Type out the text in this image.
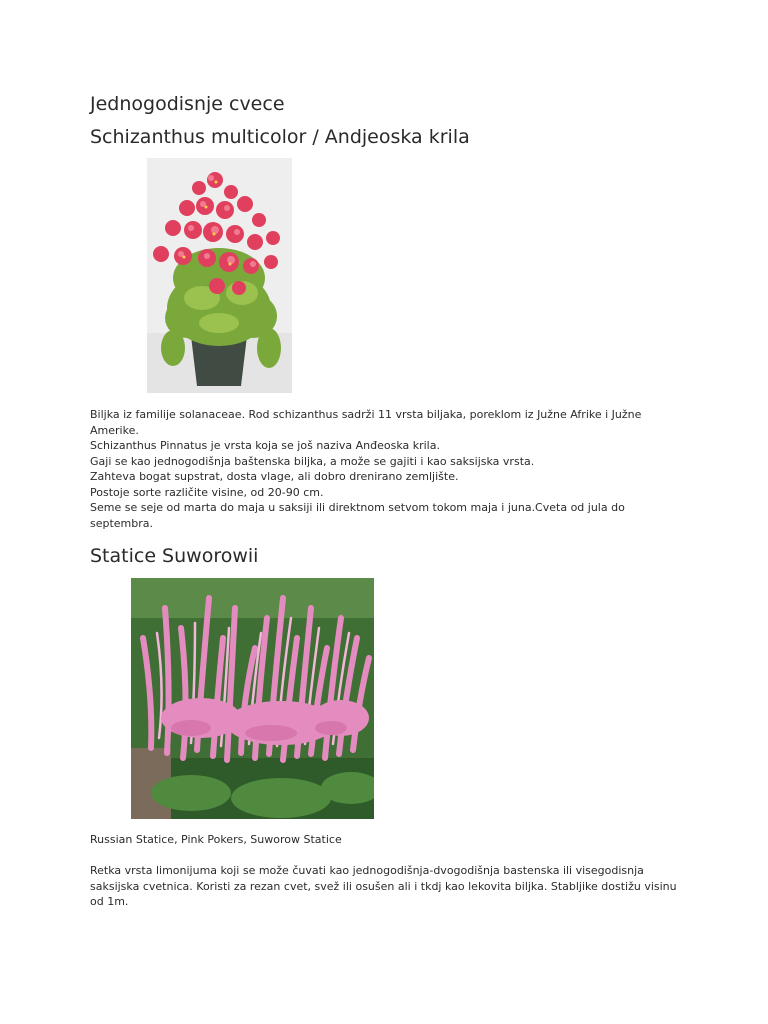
Jednogodisnje cvece
Schizanthus multicolor / Andjeoska krila

Biljka iz familije solanaceae. Rod schizanthus sadrži 11 vrsta biljaka, poreklom iz Južne Afrike i Južne Amerike.
Schizanthus Pinnatus je vrsta koja se još naziva Anđeoska krila.
Gaji se kao jednogodišnja baštenska biljka, a može se gajiti i kao saksijska vrsta.
Zahteva bogat supstrat, dosta vlage, ali dobro drenirano zemljište.
Postoje sorte različite visine, od 20-90 cm.
Seme se seje od marta do maja u saksiji ili direktnom setvom tokom maja i juna.Cveta od jula do septembra.

Statice Suworowii

Russian Statice, Pink Pokers, Suworow Statice

Retka vrsta limonijuma koji se može čuvati kao jednogodišnja-dvogodišnja bastenska ili visegodisnja saksijska cvetnica. Koristi za rezan cvet, svež ili osušen ali i tkdj kao lekovita biljka. Stabljike dostižu visinu od 1m.
